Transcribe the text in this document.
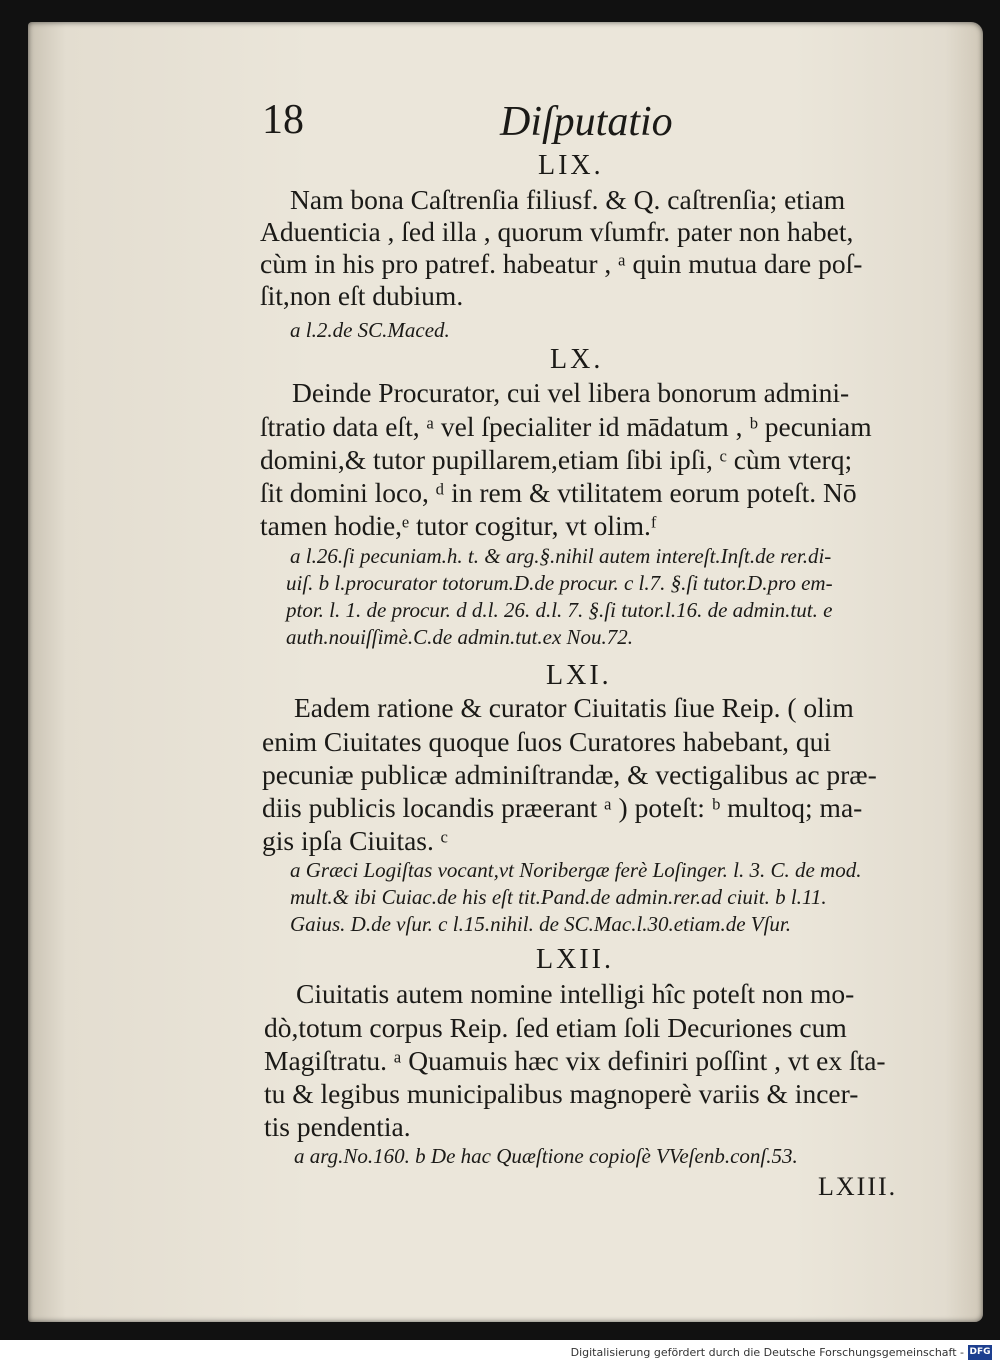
18	Diſputatio
LIX.
Nam bona Caſtrenſia filiusf. & Q. caſtrenſia; etiam
Aduenticia , ſed illa , quorum vſumfr. pater non habet,
cùm in his pro patref. habeatur , ᵃ quin mutua dare poſ-
ſit,non eſt dubium.
a l.2.de SC.Maced.
LX.
Deinde Procurator, cui vel libera bonorum admini-
ſtratio data eſt, ᵃ vel ſpecialiter id mādatum , ᵇ pecuniam
domini,& tutor pupillarem,etiam ſibi ipſi, ᶜ cùm vterq;
ſit domini loco, ᵈ in rem & vtilitatem eorum poteſt. Nō
tamen hodie,ᵉ tutor cogitur, vt olim.ᶠ
a l.26.ſi pecuniam.h. t. & arg.§.nihil autem intereſt.Inſt.de rer.di-
uiſ. b l.procurator totorum.D.de procur. c l.7. §.ſi tutor.D.pro em-
ptor. l. 1. de procur. d d.l. 26. d.l. 7. §.ſi tutor.l.16. de admin.tut. e
auth.nouiſſimè.C.de admin.tut.ex Nou.72.
LXI.
Eadem ratione & curator Ciuitatis ſiue Reip. ( olim
enim Ciuitates quoque ſuos Curatores habebant, qui
pecuniæ publicæ adminiſtrandæ, & vectigalibus ac præ-
diis publicis locandis præerant ᵃ ) poteſt: ᵇ multoq; ma-
gis ipſa Ciuitas. ᶜ
a Græci Logiſtas vocant,vt Noribergæ ferè Loſinger. l. 3. C. de mod.
mult.& ibi Cuiac.de his eſt tit.Pand.de admin.rer.ad ciuit. b l.11.
Gaius. D.de vſur. c l.15.nihil. de SC.Mac.l.30.etiam.de Vſur.
LXII.
Ciuitatis autem nomine intelligi hîc poteſt non mo-
dò,totum corpus Reip. ſed etiam ſoli Decuriones cum
Magiſtratu. ᵃ Quamuis hæc vix definiri poſſint , vt ex ſta-
tu & legibus municipalibus magnoperè variis & incer-
tis pendentia.
a arg.No.160. b De hac Quæſtione copioſè VVeſenb.conſ.53.
LXIII.
Digitalisierung gefördert durch die Deutsche Forschungsgemeinschaft - DFG
